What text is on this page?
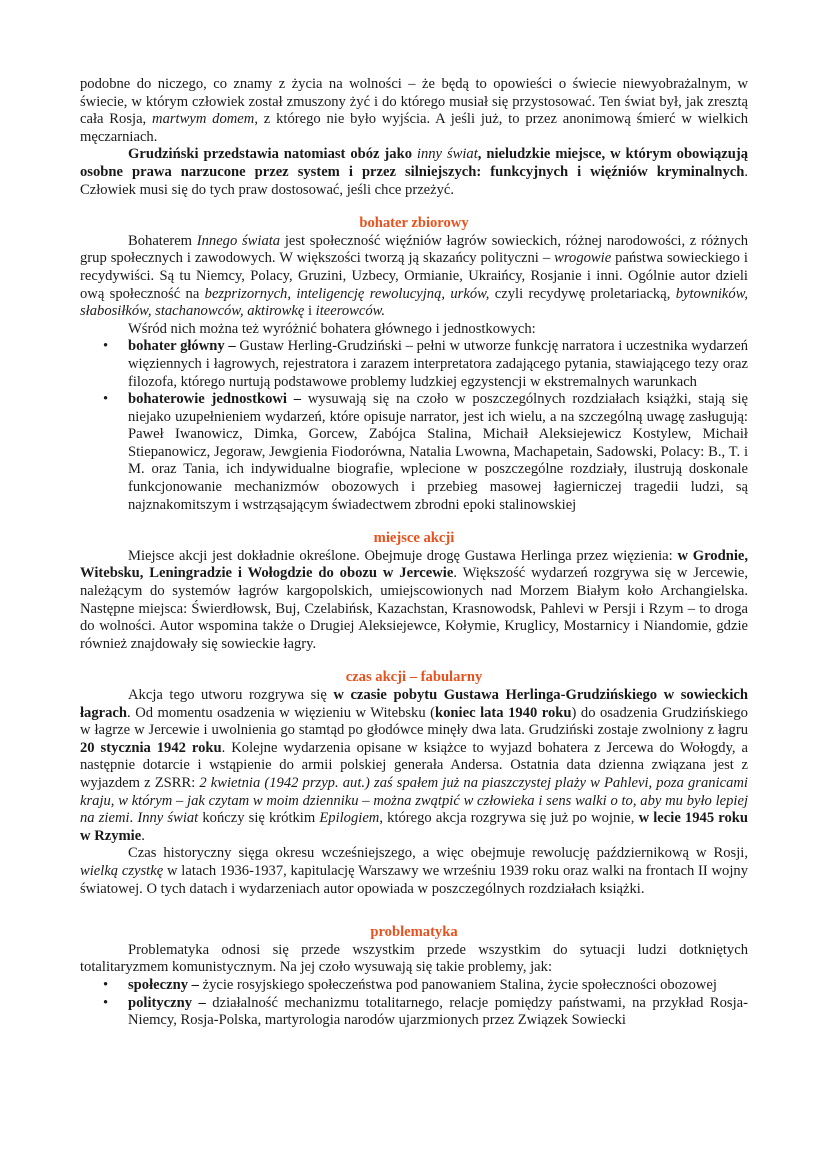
podobne do niczego, co znamy z życia na wolności – że będą to opowieści o świecie niewyobrażalnym, w świecie, w którym człowiek został zmuszony żyć i do którego musiał się przystosować. Ten świat był, jak zresztą cała Rosja, martwym domem, z którego nie było wyjścia. A jeśli już, to przez anonimową śmierć w wielkich męczarniach.

Grudziński przedstawia natomiast obóz jako inny świat, nieludzkie miejsce, w którym obowiązują osobne prawa narzucone przez system i przez silniejszych: funkcyjnych i więźniów kryminalnych. Człowiek musi się do tych praw dostosować, jeśli chce przeżyć.

bohater zbiorowy

Bohaterem Innego świata jest społeczność więźniów łagrów sowieckich, różnej narodowości, z różnych grup społecznych i zawodowych. W większości tworzą ją skazańcy polityczni – wrogowie państwa sowieckiego i recydywiści. Są tu Niemcy, Polacy, Gruzini, Uzbecy, Ormianie, Ukraińcy, Rosjanie i inni. Ogólnie autor dzieli ową społeczność na bezprizornych, inteligencję rewolucyjną, urków, czyli recydywę proletariacką, bytowników, słabosiłków, stachanowców, aktirowkę i iteerowców.

Wśród nich można też wyróżnić bohatera głównego i jednostkowych:

• bohater główny – Gustaw Herling-Grudziński – pełni w utworze funkcję narratora i uczestnika wydarzeń więziennych i łagrowych, rejestratora i zarazem interpretatora zadającego pytania, stawiającego tezy oraz filozofa, którego nurtują podstawowe problemy ludzkiej egzystencji w ekstremalnych warunkach
• bohaterowie jednostkowi – wysuwają się na czoło w poszczególnych rozdziałach książki, stają się niejako uzupełnieniem wydarzeń, które opisuje narrator, jest ich wielu, a na szczególną uwagę zasługują: Paweł Iwanowicz, Dimka, Gorcew, Zabójca Stalina, Michaił Aleksiejewicz Kostylew, Michaił Stiepanowicz, Jegoraw, Jewgienia Fiodorówna, Natalia Lwowna, Machapetain, Sadowski, Polacy: B., T. i M. oraz Tania, ich indywidualne biografie, wplecione w poszczególne rozdziały, ilustrują doskonale funkcjonowanie mechanizmów obozowych i przebieg masowej łagierniczej tragedii ludzi, są najznakomitszym i wstrząsającym świadectwem zbrodni epoki stalinowskiej
miejsce akcji

Miejsce akcji jest dokładnie określone. Obejmuje drogę Gustawa Herlinga przez więzienia: w Grodnie, Witebsku, Leningradzie i Wołogdzie do obozu w Jercewie. Większość wydarzeń rozgrywa się w Jercewie, należącym do systemów łagrów kargopolskich, umiejscowionych nad Morzem Białym koło Archangielska. Następne miejsca: Świerdłowsk, Buj, Czelabińsk, Kazachstan, Krasnowodsk, Pahlevi w Persji i Rzym – to droga do wolności. Autor wspomina także o Drugiej Aleksiejewce, Kołymie, Kruglicy, Mostarnicy i Niandomie, gdzie również znajdowały się sowieckie łagry.

czas akcji – fabularny

Akcja tego utworu rozgrywa się w czasie pobytu Gustawa Herlinga-Grudzińskiego w sowieckich łagrach. Od momentu osadzenia w więzieniu w Witebsku (koniec lata 1940 roku) do osadzenia Grudzińskiego w łagrze w Jercewie i uwolnienia go stamtąd po głodówce minęły dwa lata. Grudziński zostaje zwolniony z łagru 20 stycznia 1942 roku. Kolejne wydarzenia opisane w książce to wyjazd bohatera z Jercewa do Wołogdy, a następnie dotarcie i wstąpienie do armii polskiej generała Andersa. Ostatnia data dzienna związana jest z wyjazdem z ZSRR: 2 kwietnia (1942 przyp. aut.) zaś spałem już na piaszczystej plaży w Pahlevi, poza granicami kraju, w którym – jak czytam w moim dzienniku – można zwątpić w człowieka i sens walki o to, aby mu było lepiej na ziemi. Inny świat kończy się krótkim Epilogiem, którego akcja rozgrywa się już po wojnie, w lecie 1945 roku w Rzymie.

Czas historyczny sięga okresu wcześniejszego, a więc obejmuje rewolucję październikową w Rosji, wielką czystkę w latach 1936-1937, kapitulację Warszawy we wrześniu 1939 roku oraz walki na frontach II wojny światowej. O tych datach i wydarzeniach autor opowiada w poszczególnych rozdziałach książki.

problematyka

Problematyka odnosi się przede wszystkim przede wszystkim do sytuacji ludzi dotkniętych totalitaryzmem komunistycznym. Na jej czoło wysuwają się takie problemy, jak:

• społeczny – życie rosyjskiego społeczeństwa pod panowaniem Stalina, życie społeczności obozowej
• polityczny – działalność mechanizmu totalitarnego, relacje pomiędzy państwami, na przykład Rosja-Niemcy, Rosja-Polska, martyrologia narodów ujarzmionych przez Związek Sowiecki
